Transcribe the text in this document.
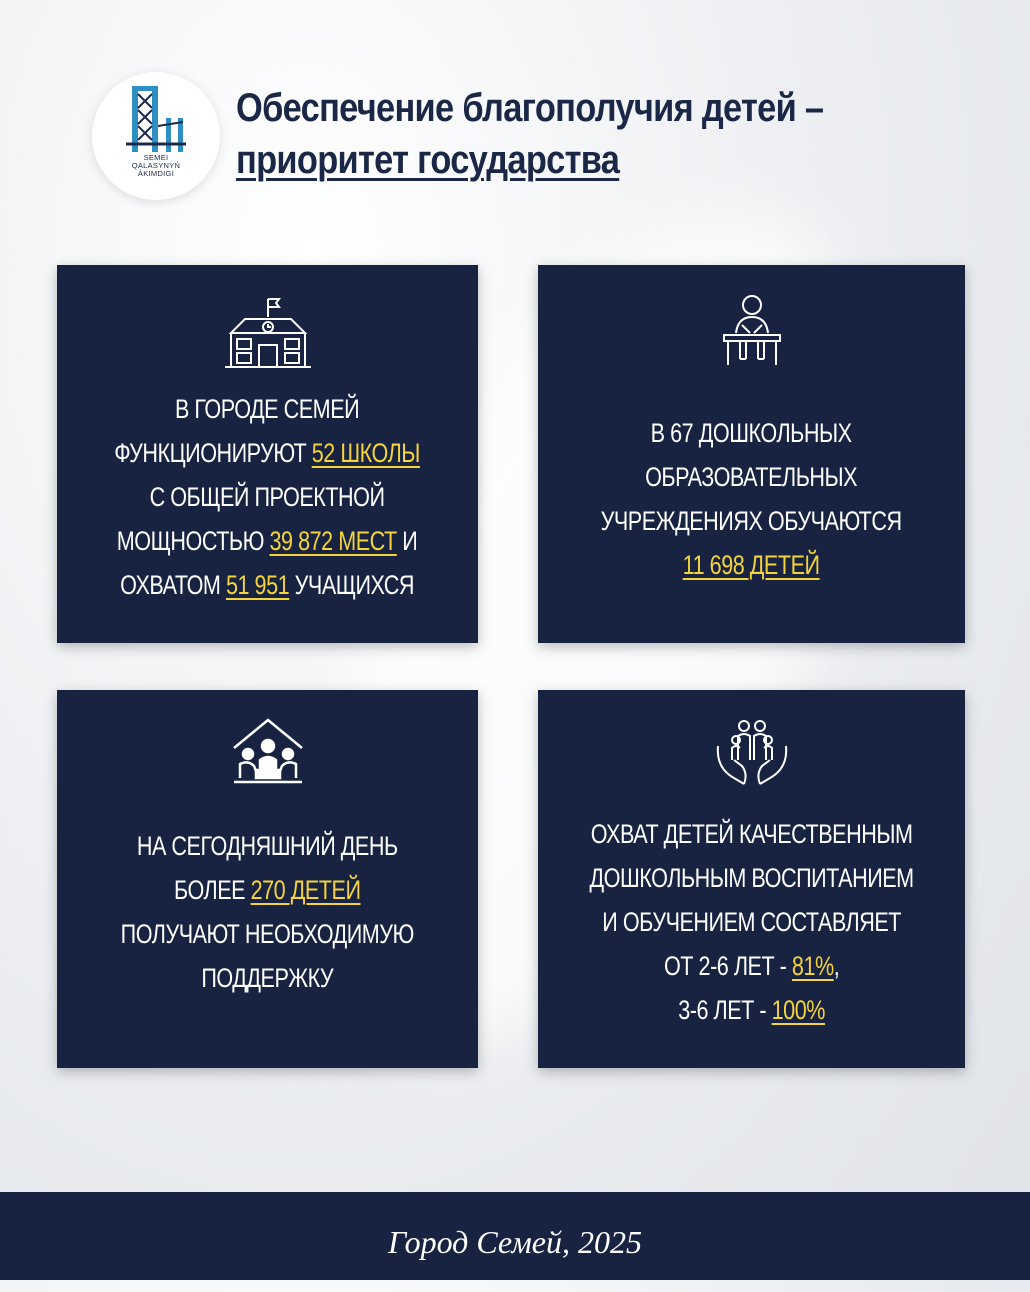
SEMEI
QALASYNYŃ
ÁKIMDIGI
Обеспечение благополучия детей –
приоритет государства
В ГОРОДЕ СЕМЕЙ
ФУНКЦИОНИРУЮТ 52 ШКОЛЫ
С ОБЩЕЙ ПРОЕКТНОЙ
МОЩНОСТЬЮ 39 872 МЕСТ И
ОХВАТОМ 51 951 УЧАЩИХСЯ
В 67 ДОШКОЛЬНЫХ
ОБРАЗОВАТЕЛЬНЫХ
УЧРЕЖДЕНИЯХ ОБУЧАЮТСЯ
11 698 ДЕТЕЙ
НА СЕГОДНЯШНИЙ ДЕНЬ
БОЛЕЕ 270 ДЕТЕЙ
ПОЛУЧАЮТ НЕОБХОДИМУЮ
ПОДДЕРЖКУ
ОХВАТ ДЕТЕЙ КАЧЕСТВЕННЫМ
ДОШКОЛЬНЫМ ВОСПИТАНИЕМ
И ОБУЧЕНИЕМ СОСТАВЛЯЕТ
ОТ 2-6 ЛЕТ - 81%,
3-6 ЛЕТ - 100%
Город Семей, 2025
